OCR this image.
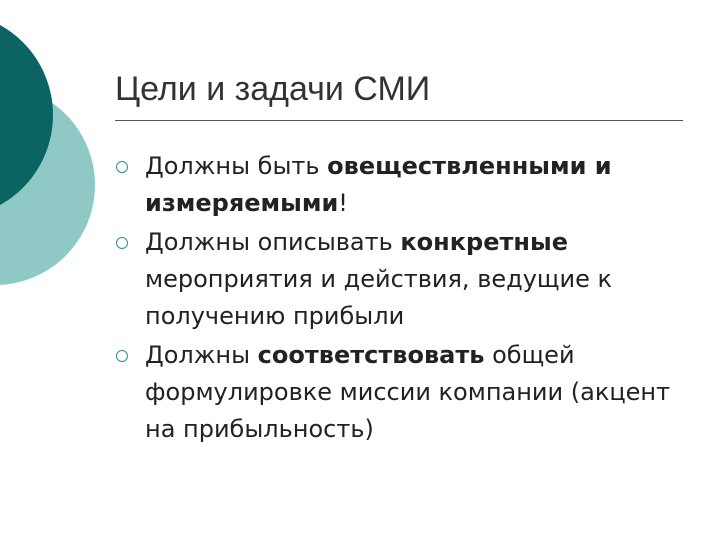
Цели и задачи СМИ
Должны быть овеществленными и измеряемыми!
Должны описывать конкретные мероприятия и действия, ведущие к получению прибыли
Должны соответствовать общей формулировке миссии компании (акцент на прибыльность)
